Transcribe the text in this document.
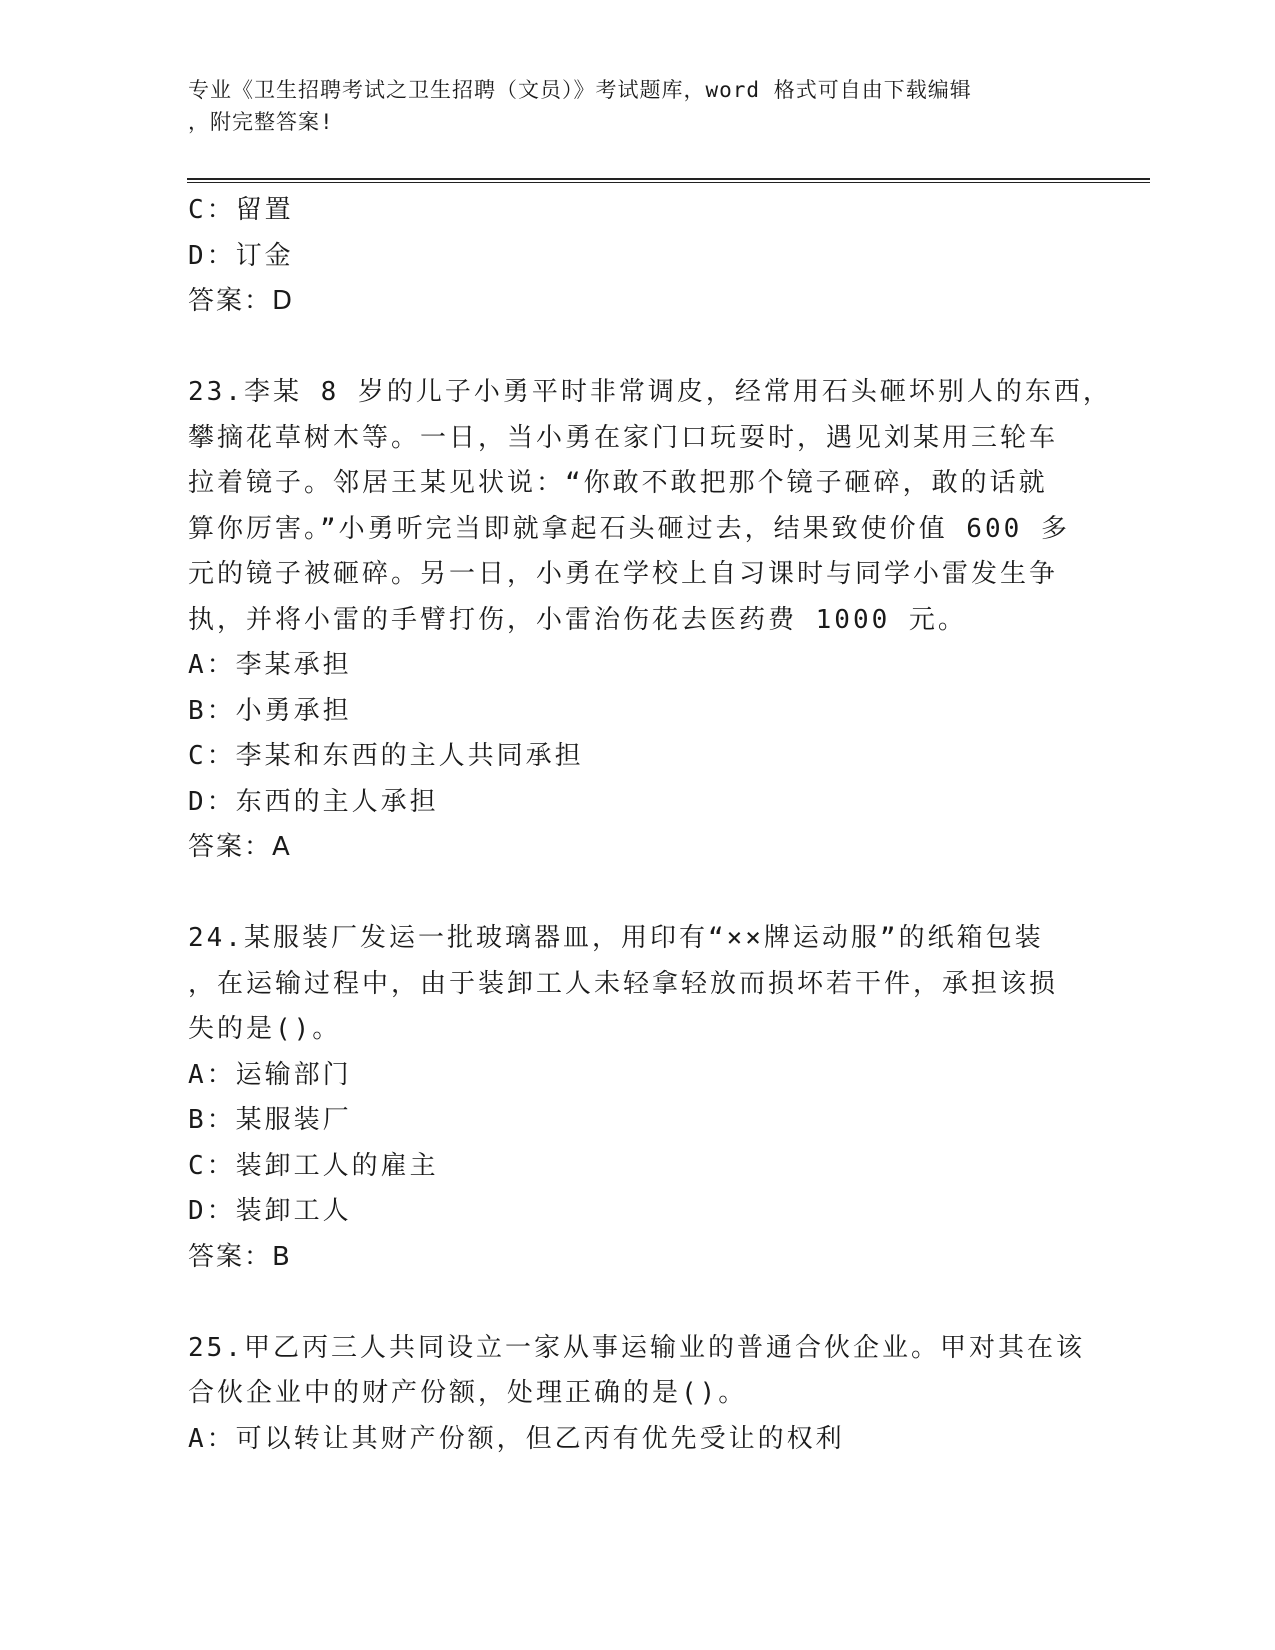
专业《卫生招聘考试之卫生招聘（文员）》考试题库，word 格式可自由下载编辑
，附完整答案!
C：留置
D：订金
答案：D
23.李某 8 岁的儿子小勇平时非常调皮，经常用石头砸坏别人的东西，
攀摘花草树木等。一日，当小勇在家门口玩耍时，遇见刘某用三轮车
拉着镜子。邻居王某见状说：“你敢不敢把那个镜子砸碎，敢的话就
算你厉害。”小勇听完当即就拿起石头砸过去，结果致使价值 600 多
元的镜子被砸碎。另一日，小勇在学校上自习课时与同学小雷发生争
执，并将小雷的手臂打伤，小雷治伤花去医药费 1000 元。
A：李某承担
B：小勇承担
C：李某和东西的主人共同承担
D：东西的主人承担
答案：A
24.某服装厂发运一批玻璃器皿，用印有“××牌运动服”的纸箱包装
，在运输过程中，由于装卸工人未轻拿轻放而损坏若干件，承担该损
失的是()。
A：运输部门
B：某服装厂
C：装卸工人的雇主
D：装卸工人
答案：B
25.甲乙丙三人共同设立一家从事运输业的普通合伙企业。甲对其在该
合伙企业中的财产份额，处理正确的是()。
A：可以转让其财产份额，但乙丙有优先受让的权利
